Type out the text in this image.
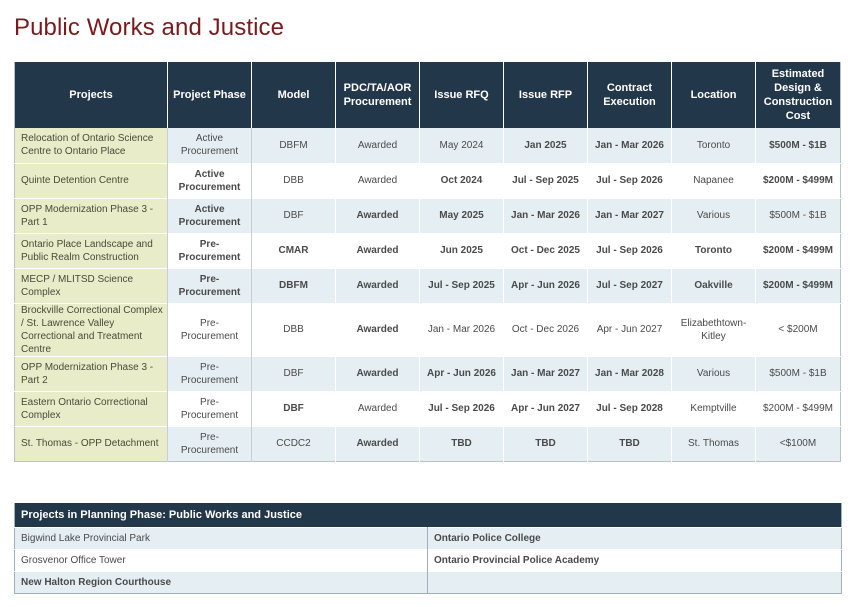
Public Works and Justice
Projects	Project Phase	Model	PDC/TA/AOR Procurement	Issue RFQ	Issue RFP	Contract Execution	Location	Estimated Design & Construction Cost
Relocation of Ontario Science Centre to Ontario Place	Active Procurement	DBFM	Awarded	May 2024	Jan 2025	Jan - Mar 2026	Toronto	$500M - $1B
Quinte Detention Centre	Active Procurement	DBB	Awarded	Oct 2024	Jul - Sep 2025	Jul - Sep 2026	Napanee	$200M - $499M
OPP Modernization Phase 3 - Part 1	Active Procurement	DBF	Awarded	May 2025	Jan - Mar 2026	Jan - Mar 2027	Various	$500M - $1B
Ontario Place Landscape and Public Realm Construction	Pre-Procurement	CMAR	Awarded	Jun 2025	Oct - Dec 2025	Jul - Sep 2026	Toronto	$200M - $499M
MECP / MLITSD Science Complex	Pre-Procurement	DBFM	Awarded	Jul - Sep 2025	Apr - Jun 2026	Jul - Sep 2027	Oakville	$200M - $499M
Brockville Correctional Complex / St. Lawrence Valley Correctional and Treatment Centre	Pre-Procurement	DBB	Awarded	Jan - Mar 2026	Oct - Dec 2026	Apr - Jun 2027	Elizabethtown-Kitley	< $200M
OPP Modernization Phase 3 - Part 2	Pre-Procurement	DBF	Awarded	Apr - Jun 2026	Jan - Mar 2027	Jan - Mar 2028	Various	$500M - $1B
Eastern Ontario Correctional Complex	Pre-Procurement	DBF	Awarded	Jul - Sep 2026	Apr - Jun 2027	Jul - Sep 2028	Kemptville	$200M - $499M
St. Thomas - OPP Detachment	Pre-Procurement	CCDC2	Awarded	TBD	TBD	TBD	St. Thomas	<$100M
Projects in Planning Phase: Public Works and Justice	
Bigwind Lake Provincial Park	Ontario Police College
Grosvenor Office Tower	Ontario Provincial Police Academy
New Halton Region Courthouse	
